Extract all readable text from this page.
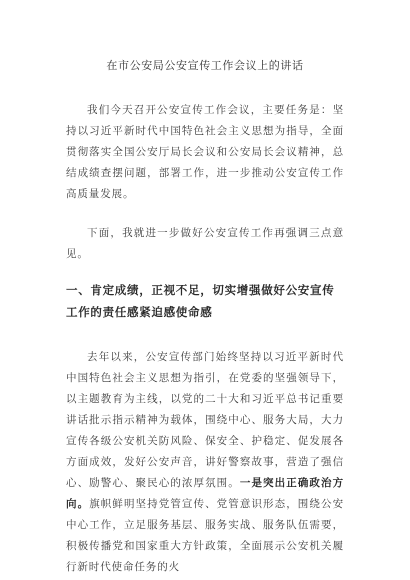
在市公安局公安宣传工作会议上的讲话

我们今天召开公安宣传工作会议，主要任务是：坚持以习近平新时代中国特色社会主义思想为指导，全面贯彻落实全国公安厅局长会议和公安局长会议精神，总结成绩查摆问题，部署工作，进一步推动公安宣传工作高质量发展。

下面，我就进一步做好公安宣传工作再强调三点意见。

一、肯定成绩，正视不足，切实增强做好公安宣传工作的责任感紧迫感使命感

去年以来，公安宣传部门始终坚持以习近平新时代中国特色社会主义思想为指引，在党委的坚强领导下，以主题教育为主线，以党的二十大和习近平总书记重要讲话批示指示精神为载体，围绕中心、服务大局，大力宣传各级公安机关防风险、保安全、护稳定、促发展各方面成效，发好公安声音，讲好警察故事，营造了强信心、励警心、聚民心的浓厚氛围。一是突出正确政治方向。旗帜鲜明坚持党管宣传、党管意识形态，围绕公安中心工作，立足服务基层、服务实战、服务队伍需要，积极传播党和国家重大方针政策，全面展示公安机关履行新时代使命任务的火
